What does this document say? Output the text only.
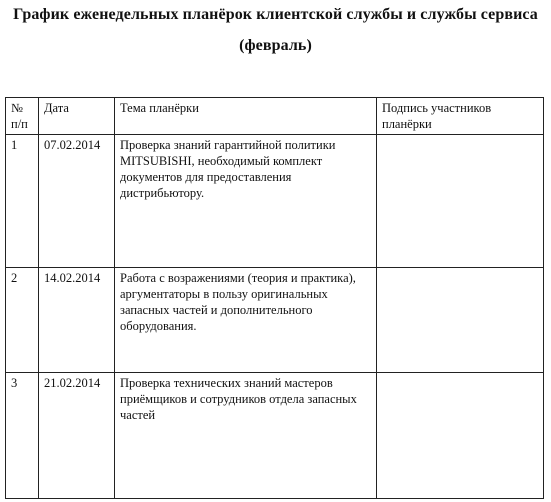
График еженедельных планёрок клиентской службы и службы сервиса
(февраль)
№ п/п	Дата	Тема планёрки	Подпись участников планёрки
1	07.02.2014	Проверка знаний гарантийной политики MITSUBISHI, необходимый комплект документов для предоставления дистрибьютору.	
2	14.02.2014	Работа с возражениями (теория и практика), аргументаторы в пользу оригинальных запасных частей и дополнительного оборудования.	
3	21.02.2014	Проверка технических знаний мастеров приёмщиков и сотрудников отдела запасных частей	
